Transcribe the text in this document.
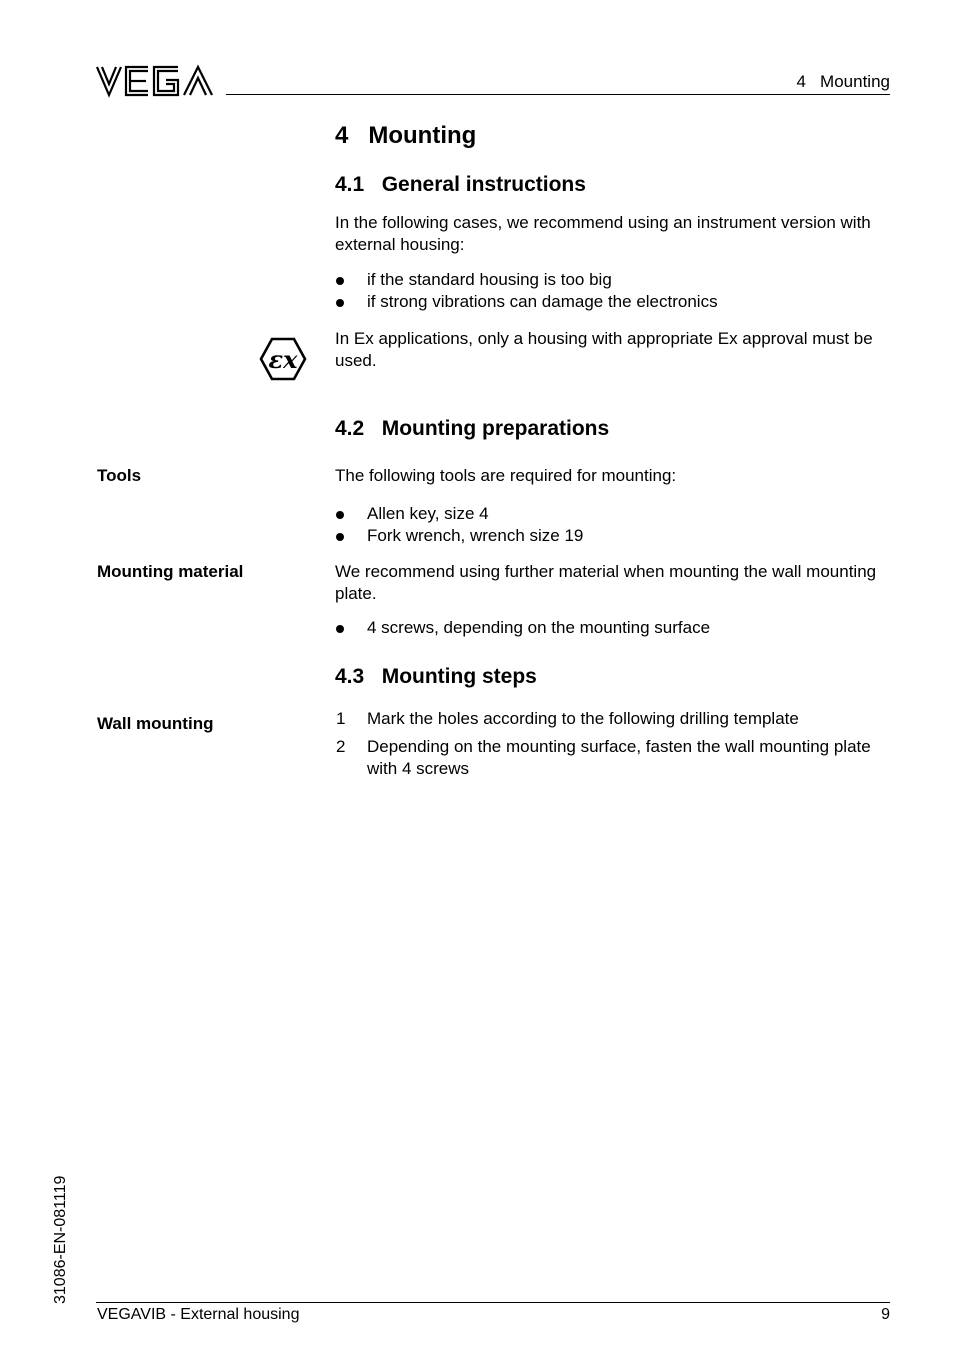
4   Mounting
4   Mounting
4.1   General instructions
In the following cases, we recommend using an instrument version with external housing:
if the standard housing is too big
if strong vibrations can damage the electronics
εx
In Ex applications, only a housing with appropriate Ex approval must be used.
4.2   Mounting preparations
Tools	The following tools are required for mounting:
Allen key, size 4
Fork wrench, wrench size 19
Mounting material	We recommend using further material when mounting the wall mounting plate.
4 screws, depending on the mounting surface
4.3   Mounting steps
Wall mounting	1 Mark the holes according to the following drilling template
2 Depending on the mounting surface, fasten the wall mounting plate with 4 screws
31086-EN-081119
VEGAVIB - External housing	9
